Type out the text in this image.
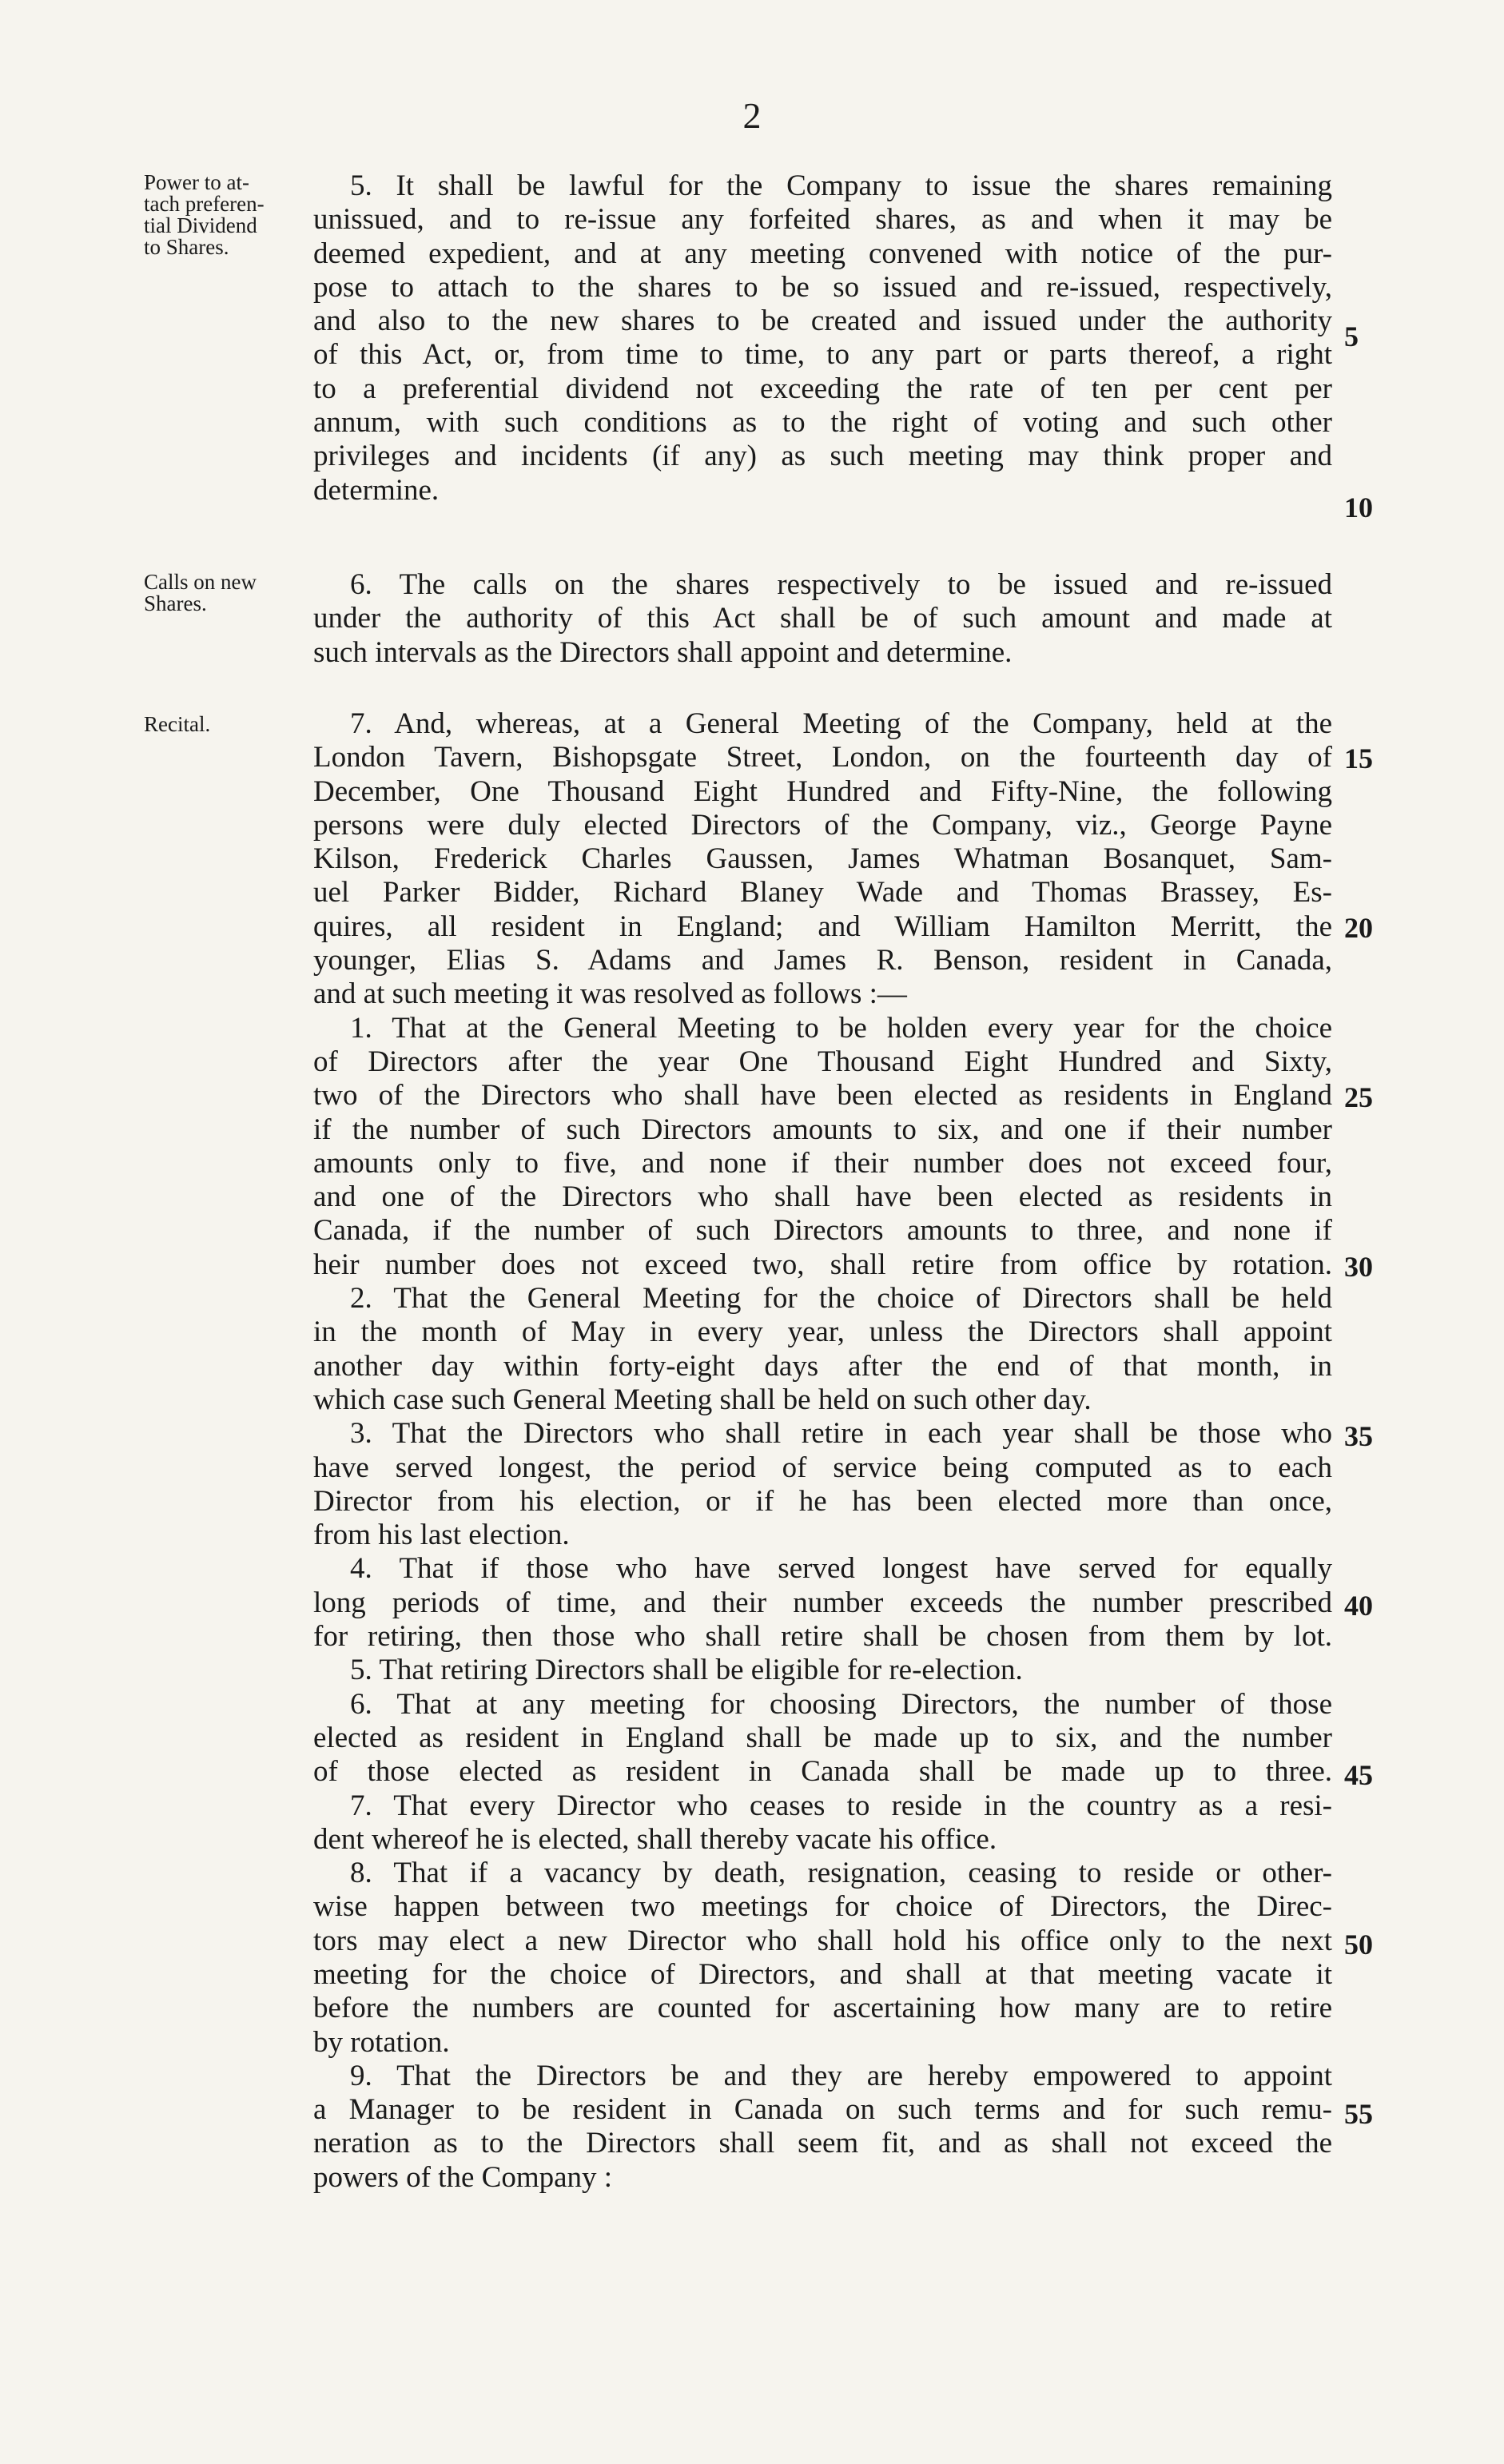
2
Power to at-
tach preferen-
tial Dividend
to Shares.
5. It shall be lawful for the Company to issue the shares remaining
unissued, and to re-issue any forfeited shares, as and when it may be
deemed expedient, and at any meeting convened with notice of the pur-
pose to attach to the shares to be so issued and re-issued, respectively,
and also to the new shares to be created and issued under the authority
of this Act, or, from time to time, to any part or parts thereof, a right
to a preferential dividend not exceeding the rate of ten per cent per
annum, with such conditions as to the right of voting and such other
privileges and incidents (if any) as such meeting may think proper and
determine.
5
10
Calls on new
Shares.
6. The calls on the shares respectively to be issued and re-issued
under the authority of this Act shall be of such amount and made at
such intervals as the Directors shall appoint and determine.
Recital.	7. And, whereas, at a General Meeting of the Company, held at the
London Tavern, Bishopsgate Street, London, on the fourteenth day of
December, One Thousand Eight Hundred and Fifty-Nine, the following
persons were duly elected Directors of the Company, viz., George Payne
Kilson, Frederick Charles Gaussen, James Whatman Bosanquet, Sam-
uel Parker Bidder, Richard Blaney Wade and Thomas Brassey, Es-
quires, all resident in England; and William Hamilton Merritt, the
younger, Elias S. Adams and James R. Benson, resident in Canada,
and at such meeting it was resolved as follows :—
1. That at the General Meeting to be holden every year for the choice
of Directors after the year One Thousand Eight Hundred and Sixty,
two of the Directors who shall have been elected as residents in England
if the number of such Directors amounts to six, and one if their number
amounts only to five, and none if their number does not exceed four,
and one of the Directors who shall have been elected as residents in
Canada, if the number of such Directors amounts to three, and none if
heir number does not exceed two, shall retire from office by rotation.
2. That the General Meeting for the choice of Directors shall be held
in the month of May in every year, unless the Directors shall appoint
another day within forty-eight days after the end of that month, in
which case such General Meeting shall be held on such other day.
3. That the Directors who shall retire in each year shall be those who
have served longest, the period of service being computed as to each
Director from his election, or if he has been elected more than once,
from his last election.
4. That if those who have served longest have served for equally
long periods of time, and their number exceeds the number prescribed
for retiring, then those who shall retire shall be chosen from them by lot.
5. That retiring Directors shall be eligible for re-election.
6. That at any meeting for choosing Directors, the number of those
elected as resident in England shall be made up to six, and the number
of those elected as resident in Canada shall be made up to three.
7. That every Director who ceases to reside in the country as a resi-
dent whereof he is elected, shall thereby vacate his office.
8. That if a vacancy by death, resignation, ceasing to reside or other-
wise happen between two meetings for choice of Directors, the Direc-
tors may elect a new Director who shall hold his office only to the next
meeting for the choice of Directors, and shall at that meeting vacate it
before the numbers are counted for ascertaining how many are to retire
by rotation.
9. That the Directors be and they are hereby empowered to appoint
a Manager to be resident in Canada on such terms and for such remu-
neration as to the Directors shall seem fit, and as shall not exceed the
powers of the Company :
15
20
25
30
35
40
45
50
55
